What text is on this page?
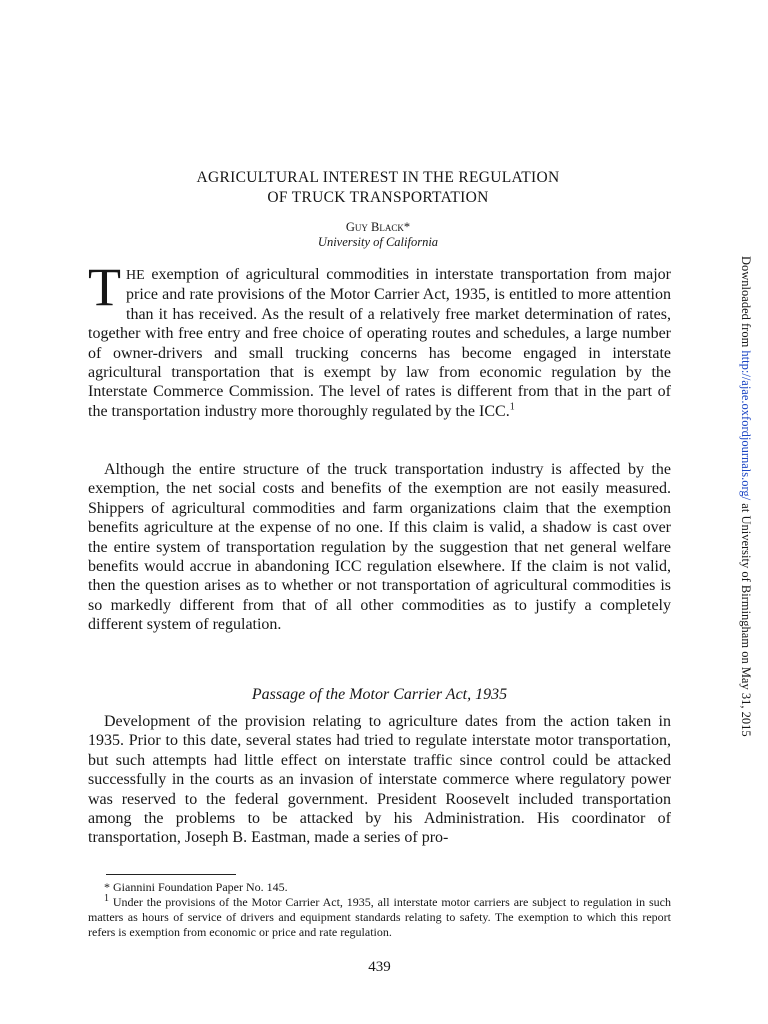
AGRICULTURAL INTEREST IN THE REGULATION
OF TRUCK TRANSPORTATION
Guy Black*
University of California

THE exemption of agricultural commodities in interstate transportation from major price and rate provisions of the Motor Carrier Act, 1935, is entitled to more attention than it has received. As the result of a relatively free market determination of rates, together with free entry and free choice of operating routes and schedules, a large number of owner-drivers and small trucking concerns has become engaged in interstate agricultural transportation that is exempt by law from economic regulation by the Interstate Commerce Commission. The level of rates is different from that in the part of the transportation industry more thoroughly regulated by the ICC.$^1$

Although the entire structure of the truck transportation industry is affected by the exemption, the net social costs and benefits of the exemption are not easily measured. Shippers of agricultural commodities and farm organizations claim that the exemption benefits agriculture at the expense of no one. If this claim is valid, a shadow is cast over the entire system of transportation regulation by the suggestion that net general welfare benefits would accrue in abandoning ICC regulation elsewhere. If the claim is not valid, then the question arises as to whether or not transportation of agricultural commodities is so markedly different from that of all other commodities as to justify a completely different system of regulation.

Passage of the Motor Carrier Act, 1935

Development of the provision relating to agriculture dates from the action taken in 1935. Prior to this date, several states had tried to regulate interstate motor transportation, but such attempts had little effect on interstate traffic since control could be attacked successfully in the courts as an invasion of interstate commerce where regulatory power was reserved to the federal government. President Roosevelt included transportation among the problems to be attacked by his Administration. His coordinator of transportation, Joseph B. Eastman, made a series of pro-

* Giannini Foundation Paper No. 145.

$^1$ Under the provisions of the Motor Carrier Act, 1935, all interstate motor carriers are subject to regulation in such matters as hours of service of drivers and equipment standards relating to safety. The exemption to which this report refers is exemption from economic or price and rate regulation.

439
Downloaded from http://ajae.oxfordjournals.org/ at University of Birmingham on May 31, 2015
